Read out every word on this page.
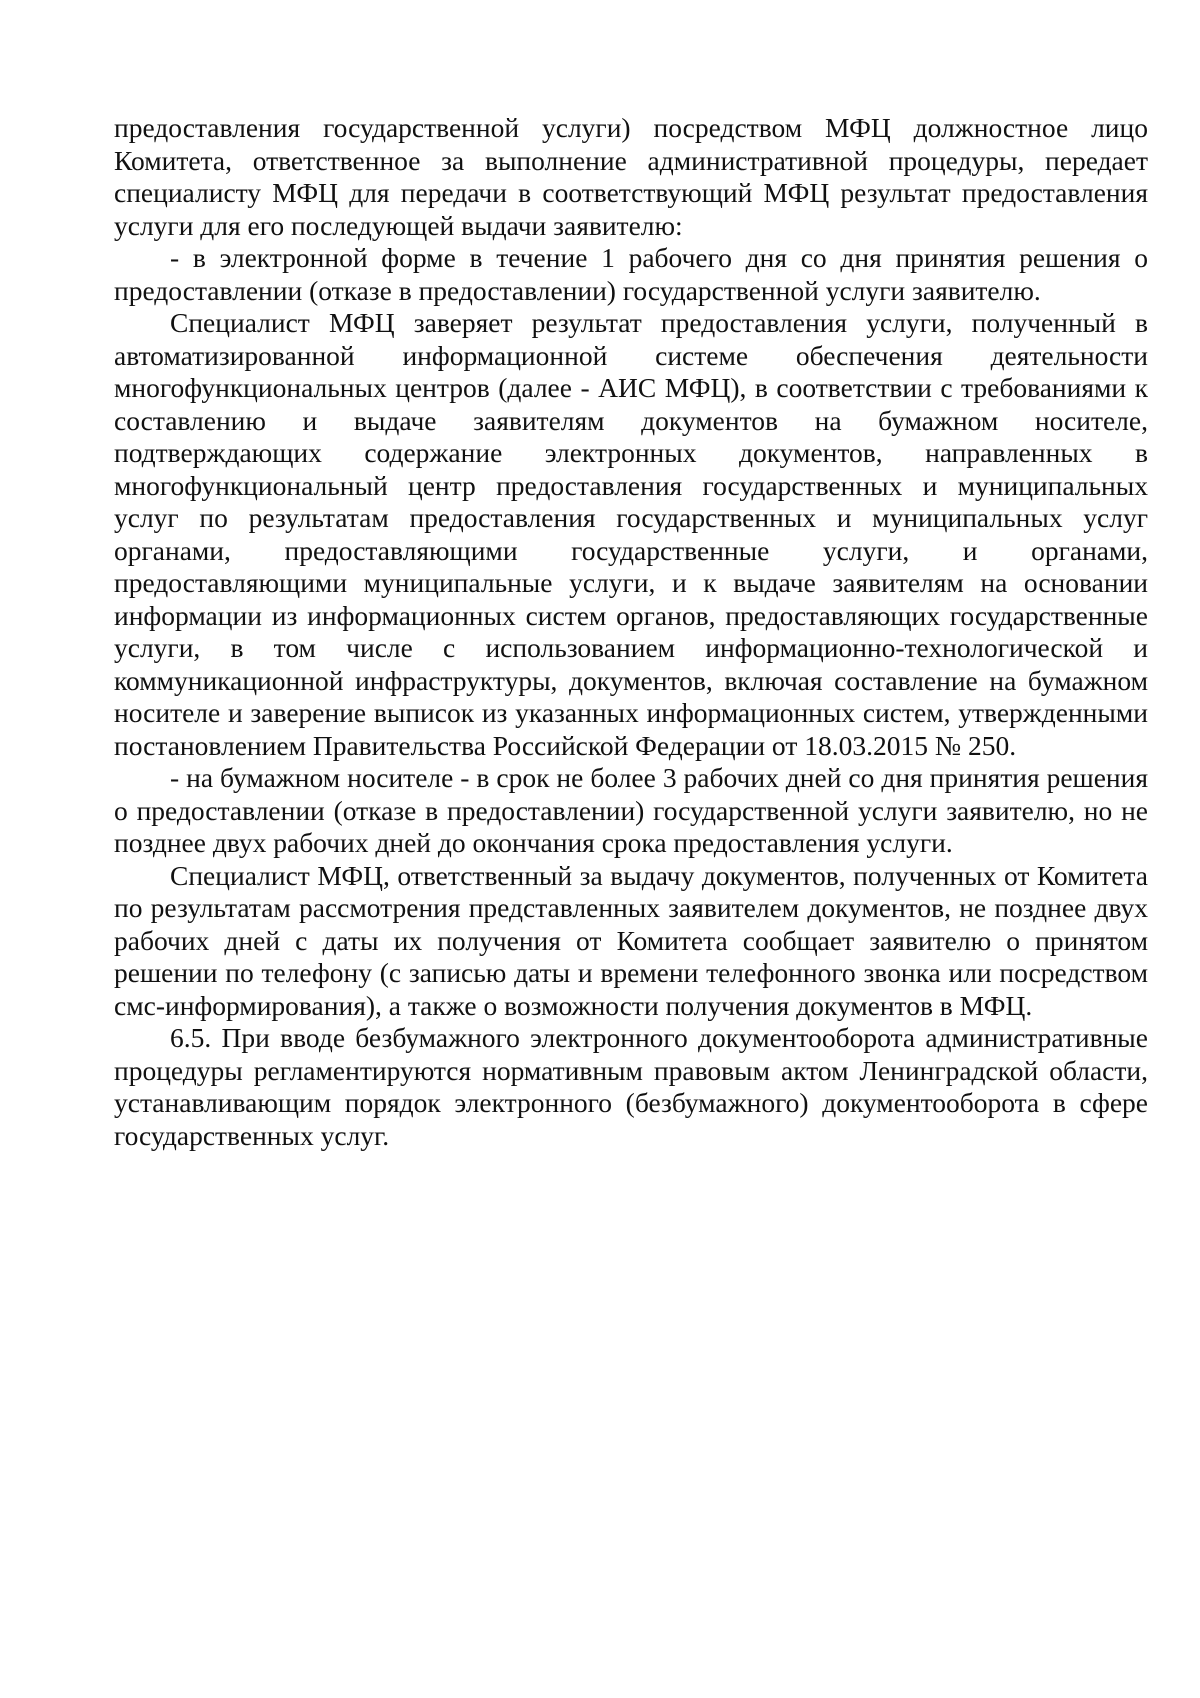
предоставления государственной услуги) посредством МФЦ должностное лицо Комитета, ответственное за выполнение административной процедуры, передает специалисту МФЦ для передачи в соответствующий МФЦ результат предоставления услуги для его последующей выдачи заявителю:

- в электронной форме в течение 1 рабочего дня со дня принятия решения о предоставлении (отказе в предоставлении) государственной услуги заявителю.

Специалист МФЦ заверяет результат предоставления услуги, полученный в автоматизированной информационной системе обеспечения деятельности многофункциональных центров (далее - АИС МФЦ), в соответствии с требованиями к составлению и выдаче заявителям документов на бумажном носителе, подтверждающих содержание электронных документов, направленных в многофункциональный центр предоставления государственных и муниципальных услуг по результатам предоставления государственных и муниципальных услуг органами, предоставляющими государственные услуги, и органами, предоставляющими муниципальные услуги, и к выдаче заявителям на основании информации из информационных систем органов, предоставляющих государственные услуги, в том числе с использованием информационно-технологической и коммуникационной инфраструктуры, документов, включая составление на бумажном носителе и заверение выписок из указанных информационных систем, утвержденными постановлением Правительства Российской Федерации от 18.03.2015 № 250.

- на бумажном носителе - в срок не более 3 рабочих дней со дня принятия решения о предоставлении (отказе в предоставлении) государственной услуги заявителю, но не позднее двух рабочих дней до окончания срока предоставления услуги.

Специалист МФЦ, ответственный за выдачу документов, полученных от Комитета по результатам рассмотрения представленных заявителем документов, не позднее двух рабочих дней с даты их получения от Комитета сообщает заявителю о принятом решении по телефону (с записью даты и времени телефонного звонка или посредством смс-информирования), а также о возможности получения документов в МФЦ.

6.5. При вводе безбумажного электронного документооборота административные процедуры регламентируются нормативным правовым актом Ленинградской области, устанавливающим порядок электронного (безбумажного) документооборота в сфере государственных услуг.
